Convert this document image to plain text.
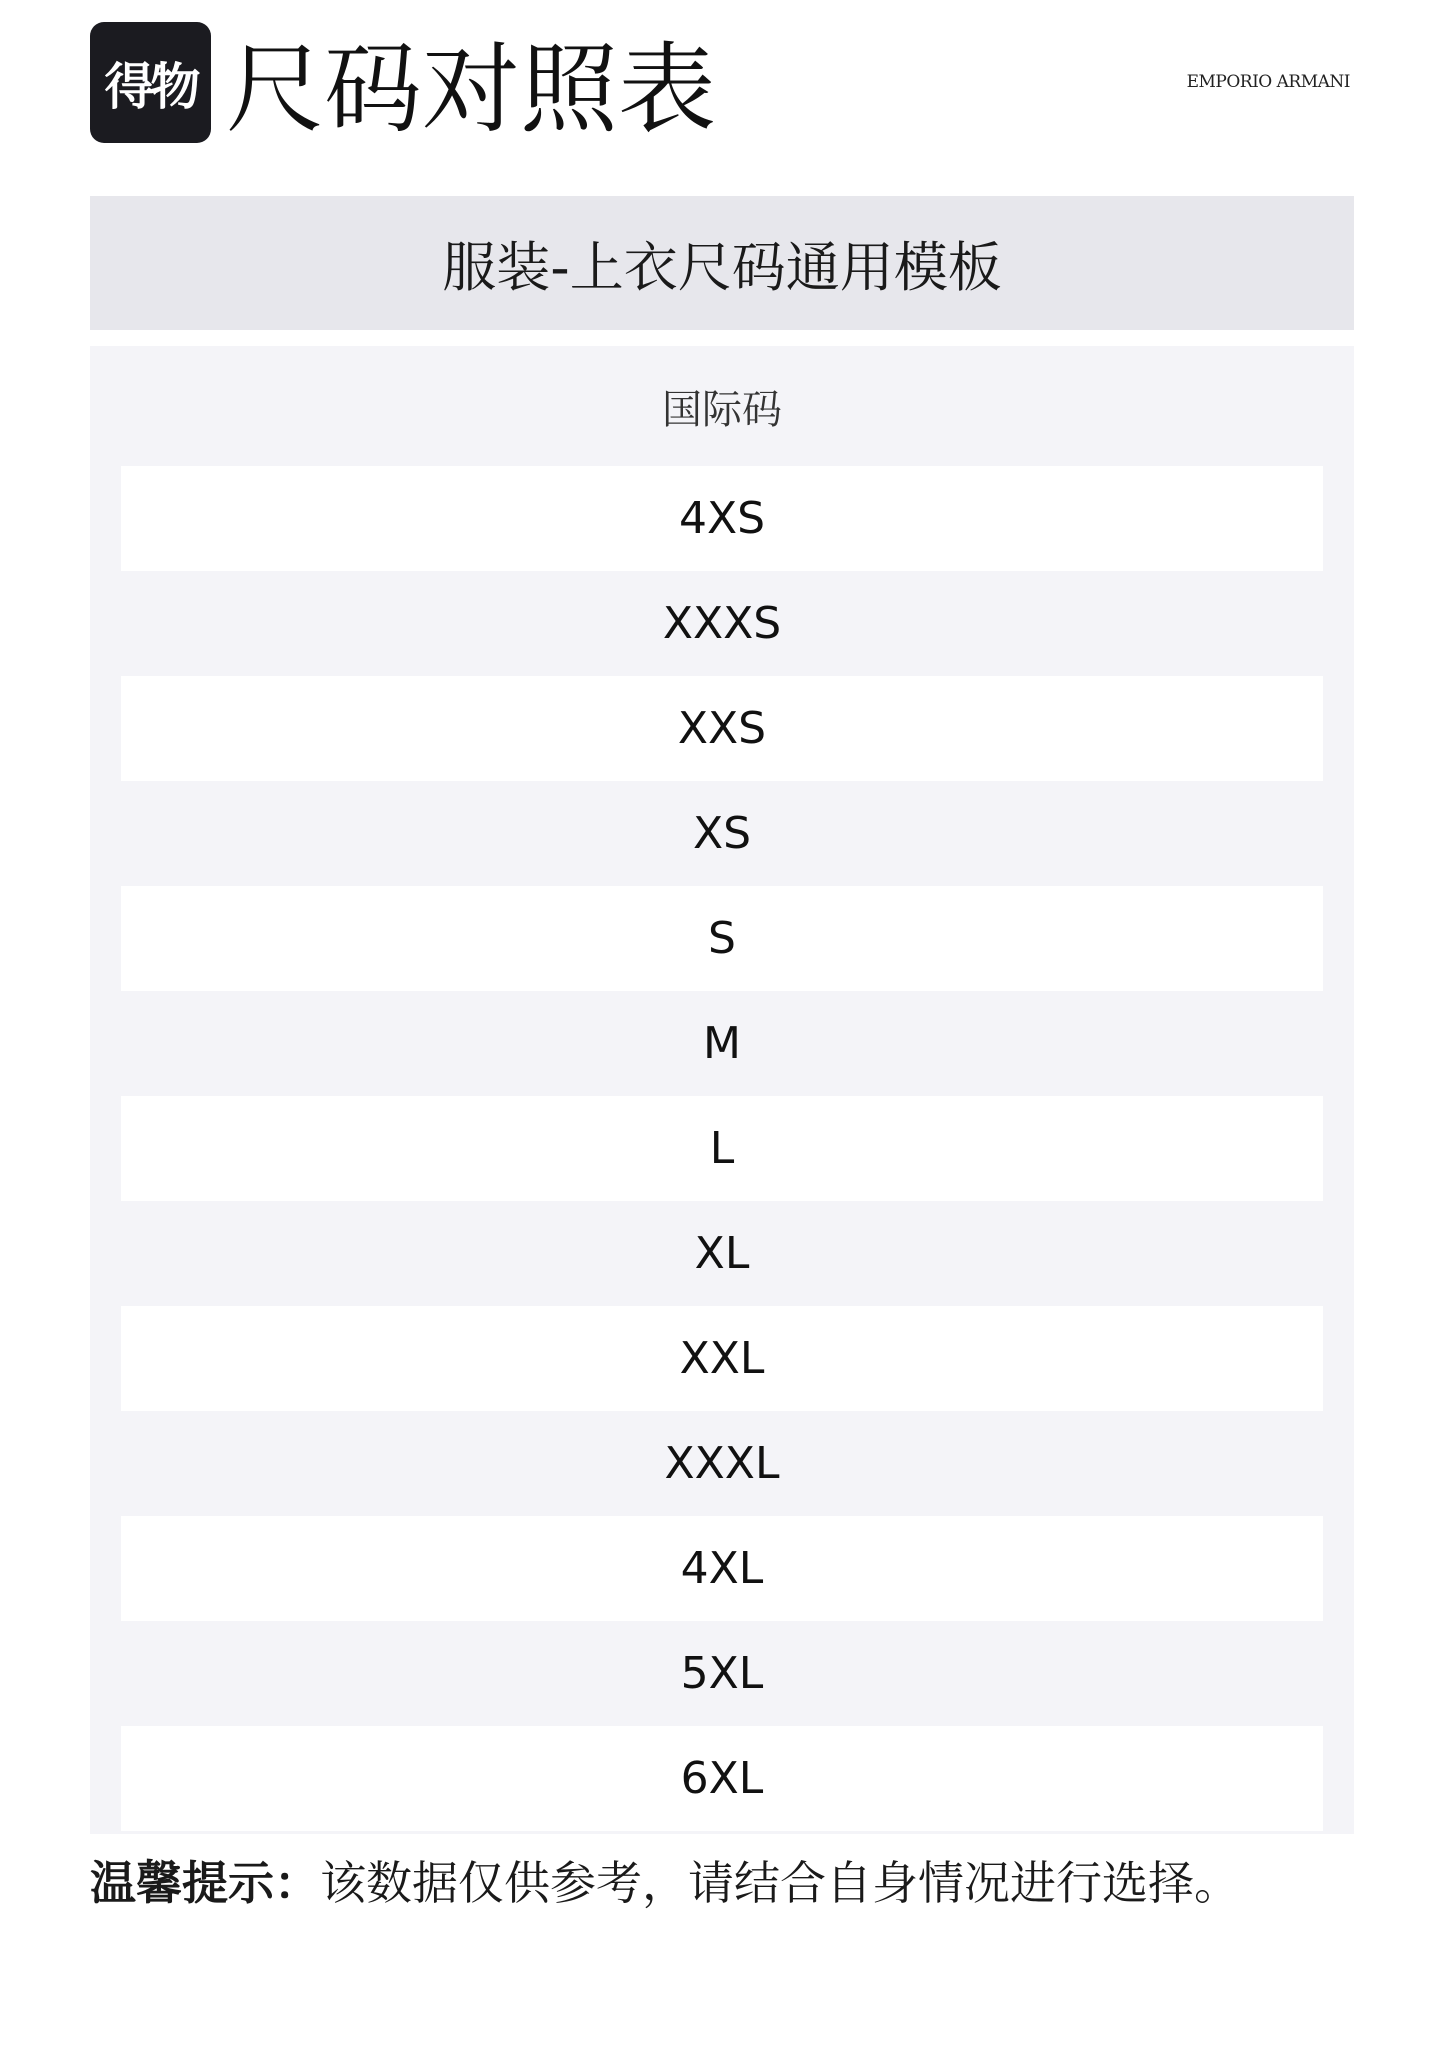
得物 尺码对照表	EMPORIO ARMANI
服装-上衣尺码通用模板
国际码
4XS
XXXS
XXS
XS
S
M
L
XL
XXL
XXXL
4XL
5XL
6XL
温馨提示：该数据仅供参考，请结合自身情况进行选择。
